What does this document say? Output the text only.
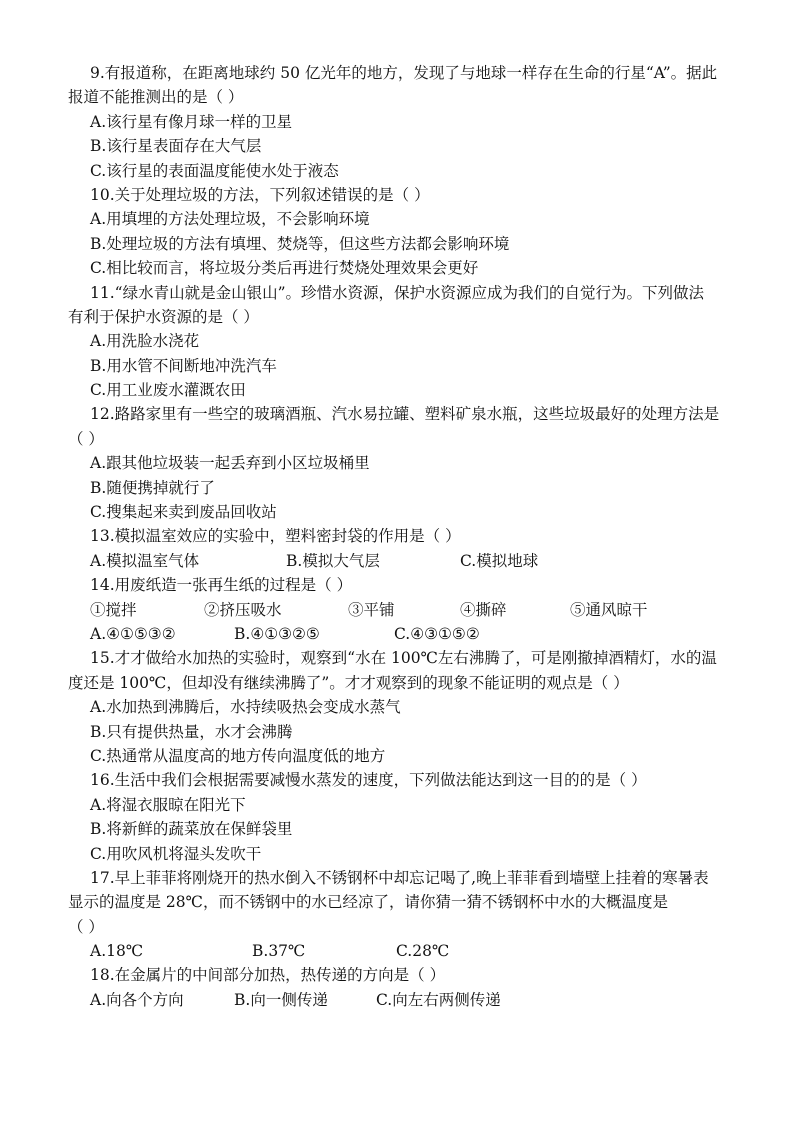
9.有报道称，在距离地球约 50 亿光年的地方，发现了与地球一样存在生命的行星“A”。据此
报道不能推测出的是（ ）
A.该行星有像月球一样的卫星
B.该行星表面存在大气层
C.该行星的表面温度能使水处于液态
10.关于处理垃圾的方法，下列叙述错误的是（ ）
A.用填埋的方法处理垃圾，不会影响环境
B.处理垃圾的方法有填埋、焚烧等，但这些方法都会影响环境
C.相比较而言，将垃圾分类后再进行焚烧处理效果会更好
11.“绿水青山就是金山银山”。珍惜水资源，保护水资源应成为我们的自觉行为。下列做法
有利于保护水资源的是（ ）
A.用洗脸水浇花
B.用水管不间断地冲洗汽车
C.用工业废水灌溉农田
12.路路家里有一些空的玻璃酒瓶、汽水易拉罐、塑料矿泉水瓶，这些垃圾最好的处理方法是
（ ）
A.跟其他垃圾装一起丢弃到小区垃圾桶里
B.随便携掉就行了
C.搜集起来卖到废品回收站
13.模拟温室效应的实验中，塑料密封袋的作用是（ ）
A.模拟温室气体	B.模拟大气层	C.模拟地球
14.用废纸造一张再生纸的过程是（ ）
①搅拌	②挤压吸水	③平铺	④撕碎	⑤通风晾干
A.④①⑤③②	B.④①③②⑤	C.④③①⑤②
15.才才做给水加热的实验时，观察到“水在 100℃左右沸腾了，可是刚撤掉酒精灯，水的温
度还是 100℃，但却没有继续沸腾了”。才才观察到的现象不能证明的观点是（ ）
A.水加热到沸腾后，水持续吸热会变成水蒸气
B.只有提供热量，水才会沸腾
C.热通常从温度高的地方传向温度低的地方
16.生活中我们会根据需要减慢水蒸发的速度，下列做法能达到这一目的的是（ ）
A.将湿衣服晾在阳光下
B.将新鲜的蔬菜放在保鲜袋里
C.用吹风机将湿头发吹干
17.早上菲菲将刚烧开的热水倒入不锈钢杯中却忘记喝了,晚上菲菲看到墙壁上挂着的寒暑表
显示的温度是 28℃，而不锈钢中的水已经凉了，请你猜一猜不锈钢杯中水的大概温度是
（ ）
A.18℃	B.37℃	C.28℃
18.在金属片的中间部分加热，热传递的方向是（ ）
A.向各个方向	B.向一侧传递	C.向左右两侧传递
